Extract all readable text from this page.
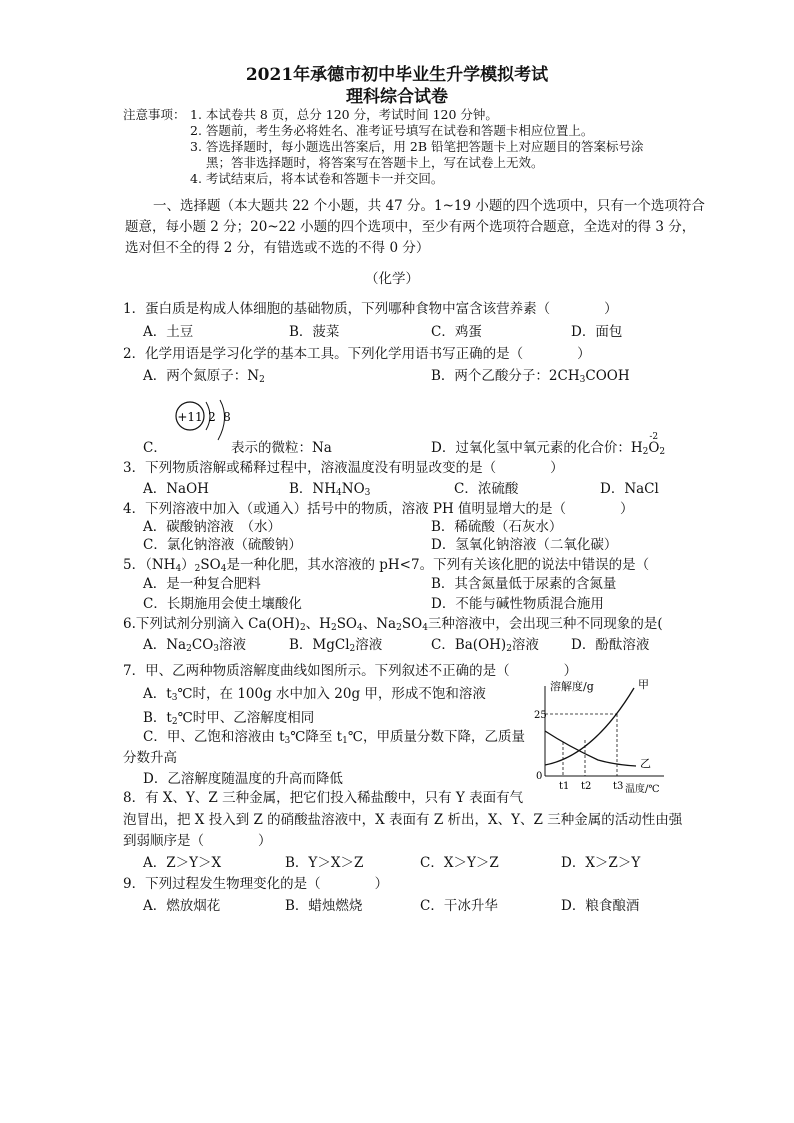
2021年承德市初中毕业生升学模拟考试
理科综合试卷
注意事项： 1. 本试卷共 8 页，总分 120 分，考试时间 120 分钟。
2. 答题前，考生务必将姓名、准考证号填写在试卷和答题卡相应位置上。
3. 答选择题时，每小题选出答案后，用 2B 铅笔把答题卡上对应题目的答案标号涂
黑；答非选择题时，将答案写在答题卡上，写在试卷上无效。
4. 考试结束后，将本试卷和答题卡一并交回。
一、选择题（本大题共 22 个小题，共 47 分。1~19 小题的四个选项中，只有一个选项符合
题意，每小题 2 分；20~22 小题的四个选项中，至少有两个选项符合题意，全选对的得 3 分，
选对但不全的得 2 分，有错选或不选的不得 0 分）
（化学）
1．蛋白质是构成人体细胞的基础物质，下列哪种食物中富含该营养素（　　　　）
A．土豆	B．菠菜	C．鸡蛋	D．面包
2．化学用语是学习化学的基本工具。下列化学用语书写正确的是（　　　　）
A．两个氮原子：$N_2$	B．两个乙酸分子：$2CH_3COOH$
+11 2 8
C．	表示的微粒：Na	D．过氧化氢中氧元素的化合价：$H_2$
-2
$O_2$
3．下列物质溶解或稀释过程中，溶液温度没有明显改变的是（　　　　）
A．NaOH	B．$NH_4NO_3$	C．浓硫酸	D．NaCl
4．下列溶液中加入（或通入）括号中的物质，溶液 PH 值明显增大的是（　　　　）
A．碳酸钠溶液　（水）	B．稀硫酸（石灰水）
C．氯化钠溶液（硫酸钠）	D．氢氧化钠溶液（二氧化碳）
5．$(NH_4)_2SO_4$是一种化肥，其水溶液的 pH<7。下列有关该化肥的说法中错误的是（
A．是一种复合肥料	B．其含氮量低于尿素的含氮量
C．长期施用会使土壤酸化	D．不能与碱性物质混合施用
6.下列试剂分别滴入 $Ca(OH)_2$、$H_2SO_4$、$Na_2SO_4$三种溶液中，会出现三种不同现象的是(
A．$Na_2CO_3$溶液	B．MgCl$_2$溶液	C．$Ba(OH)_2$溶液 D．酚酞溶液
7．甲、乙两种物质溶解度曲线如图所示。下列叙述不正确的是（　　　　）
A．$t_3℃$时，在 100g 水中加入 20g 甲，形成不饱和溶液
B．$t_2℃$时甲、乙溶解度相同
C．甲、乙饱和溶液由 $t_3℃$降至 $t_1℃$，甲质量分数下降，乙质量
分数升高
D．乙溶解度随温度的升高而降低
溶解度/g	甲
乙
25
0
t1 t2 t3 温度/℃
8．有 X、Y、Z 三种金属，把它们投入稀盐酸中，只有 Y 表面有气
泡冒出，把 X 投入到 Z 的硝酸盐溶液中，X 表面有 Z 析出，X、Y、Z 三种金属的活动性由强
到弱顺序是（　　　　）
A．Z＞Y＞X	B．Y＞X＞Z	C．X＞Y＞Z	D．X＞Z＞Y
9．下列过程发生物理变化的是（　　　　）
A．燃放烟花	B．蜡烛燃烧	C．干冰升华	D．粮食酿酒
